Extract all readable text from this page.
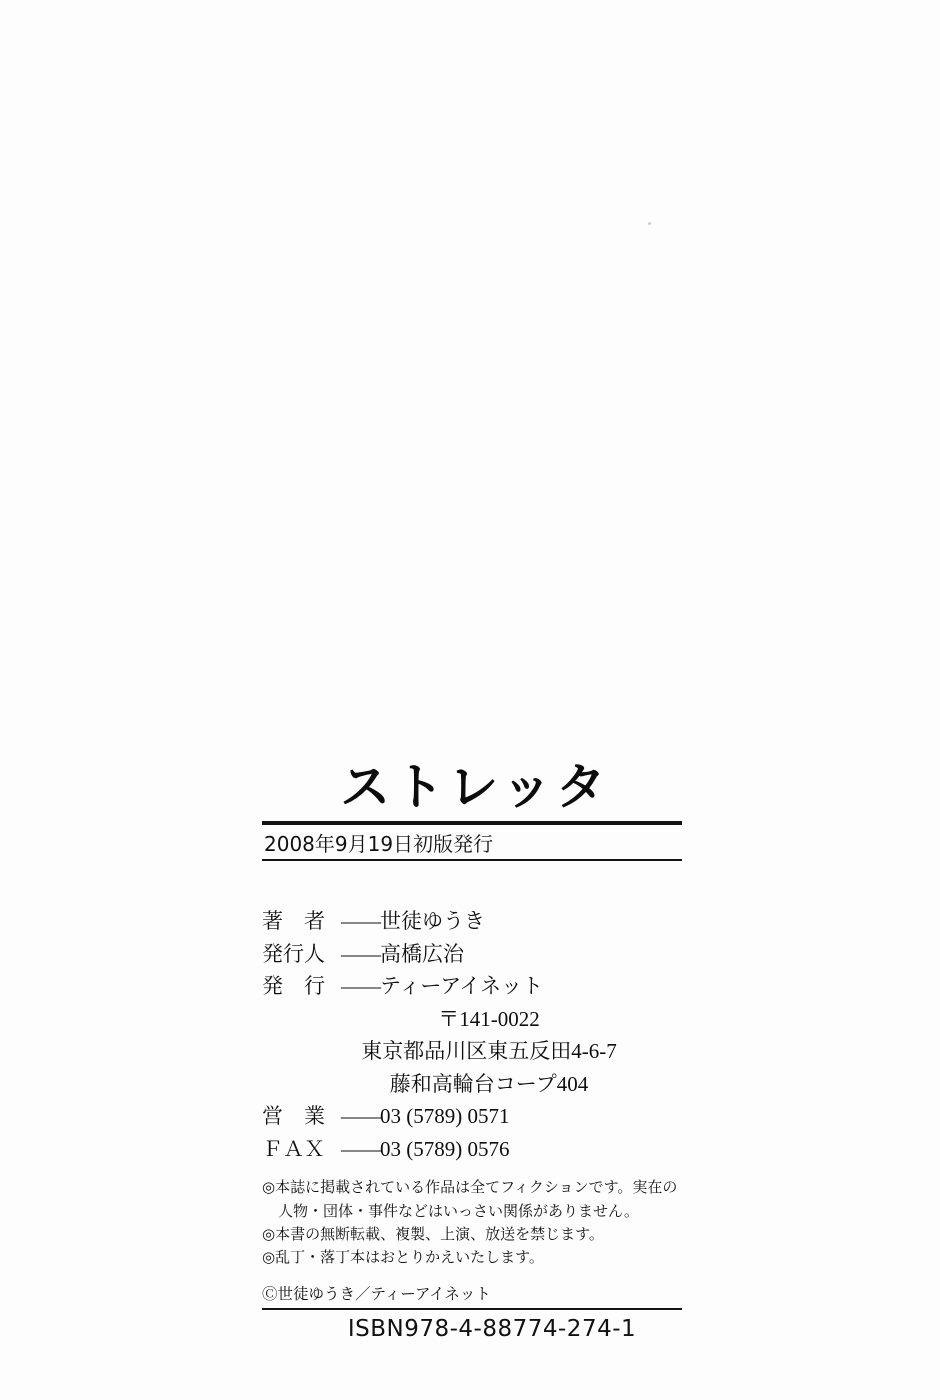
ストレッタ
2008年9月19日初版発行
著　者 —— 世徒ゆうき
発行人 —— 高橋広治
発　行 —— ティーアイネット
〒141-0022
東京都品川区東五反田4-6-7
藤和高輪台コープ404
営　業 —— 03 (5789) 0571
ＦＡＸ —— 03 (5789) 0576
◎本誌に掲載されている作品は全てフィクションです。実在の
人物・団体・事件などはいっさい関係がありません。
◎本書の無断転載、複製、上演、放送を禁じます。
◎乱丁・落丁本はおとりかえいたします。
Ⓒ世徒ゆうき／ティーアイネット
ISBN978-4-88774-274-1
